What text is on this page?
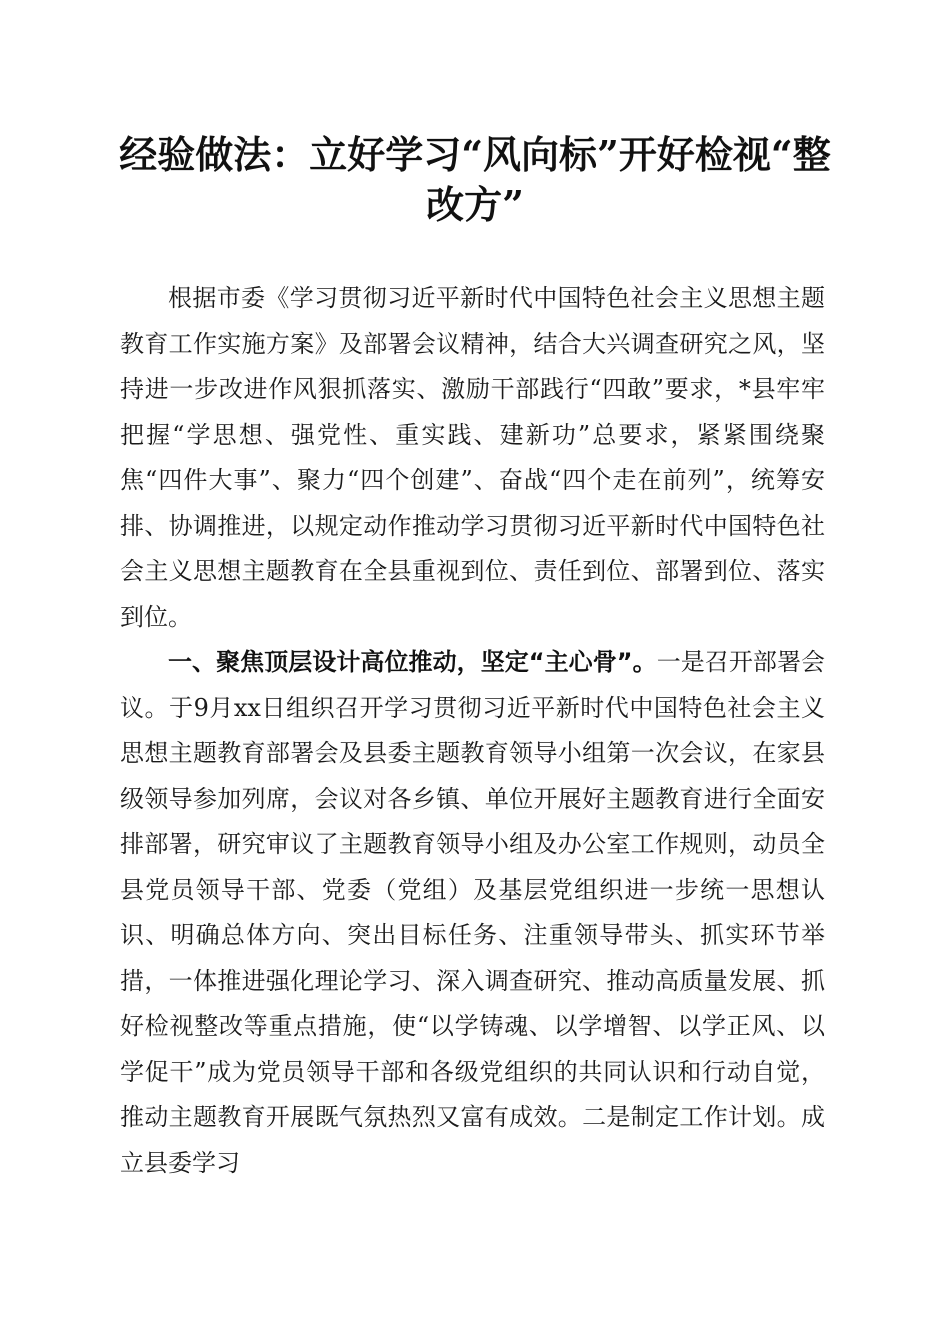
经验做法：立好学习“风向标”开好检视“整改方”

根据市委《学习贯彻习近平新时代中国特色社会主义思想主题教育工作实施方案》及部署会议精神，结合大兴调查研究之风，坚持进一步改进作风狠抓落实、激励干部践行“四敢”要求，*县牢牢把握“学思想、强党性、重实践、建新功”总要求，紧紧围绕聚焦“四件大事”、聚力“四个创建”、奋战“四个走在前列”，统筹安排、协调推进，以规定动作推动学习贯彻习近平新时代中国特色社会主义思想主题教育在全县重视到位、责任到位、部署到位、落实到位。

一、聚焦顶层设计高位推动，坚定“主心骨”。一是召开部署会议。于9月xx日组织召开学习贯彻习近平新时代中国特色社会主义思想主题教育部署会及县委主题教育领导小组第一次会议，在家县级领导参加列席，会议对各乡镇、单位开展好主题教育进行全面安排部署，研究审议了主题教育领导小组及办公室工作规则，动员全县党员领导干部、党委（党组）及基层党组织进一步统一思想认识、明确总体方向、突出目标任务、注重领导带头、抓实环节举措，一体推进强化理论学习、深入调查研究、推动高质量发展、抓好检视整改等重点措施，使“以学铸魂、以学增智、以学正风、以学促干”成为党员领导干部和各级党组织的共同认识和行动自觉，推动主题教育开展既气氛热烈又富有成效。二是制定工作计划。成立县委学习
